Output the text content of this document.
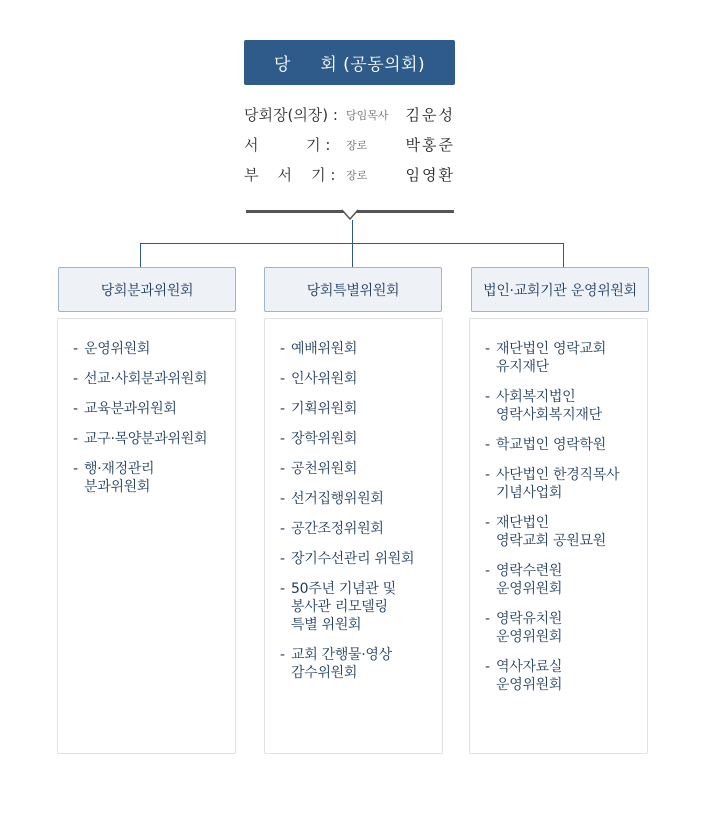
당     회 (공동의회)
당회장(의장) : 당임목사 김운성
서          기 : 장로	박홍준
부    서    기 : 장로	임영환
당회분과위원회	당회특별위원회	법인·교회기관 운영위원회
- 운영위원회
- 선교·사회분과위원회
- 교육분과위원회
- 교구·목양분과위원회
- 행·재정관리
분과위원회
- 예배위원회
- 인사위원회
- 기획위원회
- 장학위원회
- 공천위원회
- 선거집행위원회
- 공간조정위원회
- 장기수선관리 위원회
- 50주년 기념관 및
봉사관 리모델링
특별 위원회
- 교회 간행물·영상
감수위원회
- 재단법인 영락교회
유지재단
- 사회복지법인
영락사회복지재단
- 학교법인 영락학원
- 사단법인 한경직목사
기념사업회
- 재단법인
영락교회 공원묘원
- 영락수련원
운영위원회
- 영락유치원
운영위원회
- 역사자료실
운영위원회
